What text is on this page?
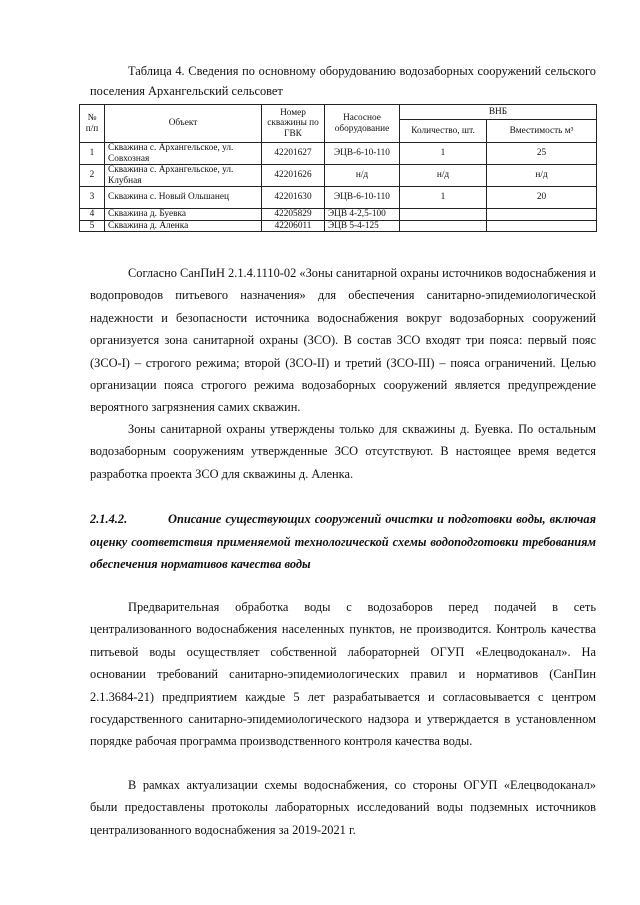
Таблица 4. Сведения по основному оборудованию водозаборных сооружений сельского поселения Архангельский сельсовет

№ п/п	Объект	Номер скважины по ГВК	Насосное оборудование	ВНБ	
				Количество, шт.	Вместимость м³
1	Скважина с. Архангельское, ул. Совхозная	42201627	ЭЦВ-6-10-110	1	25
2	Скважина с. Архангельское, ул. Клубная	42201626	н/д	н/д	н/д
3	Скважина с. Новый Ольшанец	42201630	ЭЦВ-6-10-110	1	20
4	Скважина д. Буевка	42205829	ЭЦВ 4-2,5-100		
5	Скважина д. Аленка	42206011	ЭЦВ 5-4-125		

Согласно СанПиН 2.1.4.1110-02 «Зоны санитарной охраны источников водоснабжения и водопроводов питьевого назначения» для обеспечения санитарно-эпидемиологической надежности и безопасности источника водоснабжения вокруг водозаборных сооружений организуется зона санитарной охраны (ЗСО). В состав ЗСО входят три пояса: первый пояс (ЗСО-I) – строгого режима; второй (ЗСО-II) и третий (ЗСО-III) – пояса ограничений. Целью организации пояса строгого режима водозаборных сооружений является предупреждение вероятного загрязнения самих скважин.

Зоны санитарной охраны утверждены только для скважины д. Буевка. По остальным водозаборным сооружениям утвержденные ЗСО отсутствуют. В настоящее время ведется разработка проекта ЗСО для скважины д. Аленка.

2.1.4.2.	Описание существующих сооружений очистки и подготовки воды, включая оценку соответствия применяемой технологической схемы водоподготовки требованиям обеспечения нормативов качества воды

Предварительная обработка воды с водозаборов перед подачей в сеть централизованного водоснабжения населенных пунктов, не производится. Контроль качества питьевой воды осуществляет собственной лабораторней ОГУП «Елецводоканал». На основании требований санитарно-эпидемиологических правил и нормативов (СанПин 2.1.3684-21) предприятием каждые 5 лет разрабатывается и согласовывается с центром государственного санитарно-эпидемиологического надзора и утверждается в установленном порядке рабочая программа производственного контроля качества воды.

В рамках актуализации схемы водоснабжения, со стороны ОГУП «Елецводоканал» были предоставлены протоколы лабораторных исследований воды подземных источников централизованного водоснабжения за 2019-2021 г.
